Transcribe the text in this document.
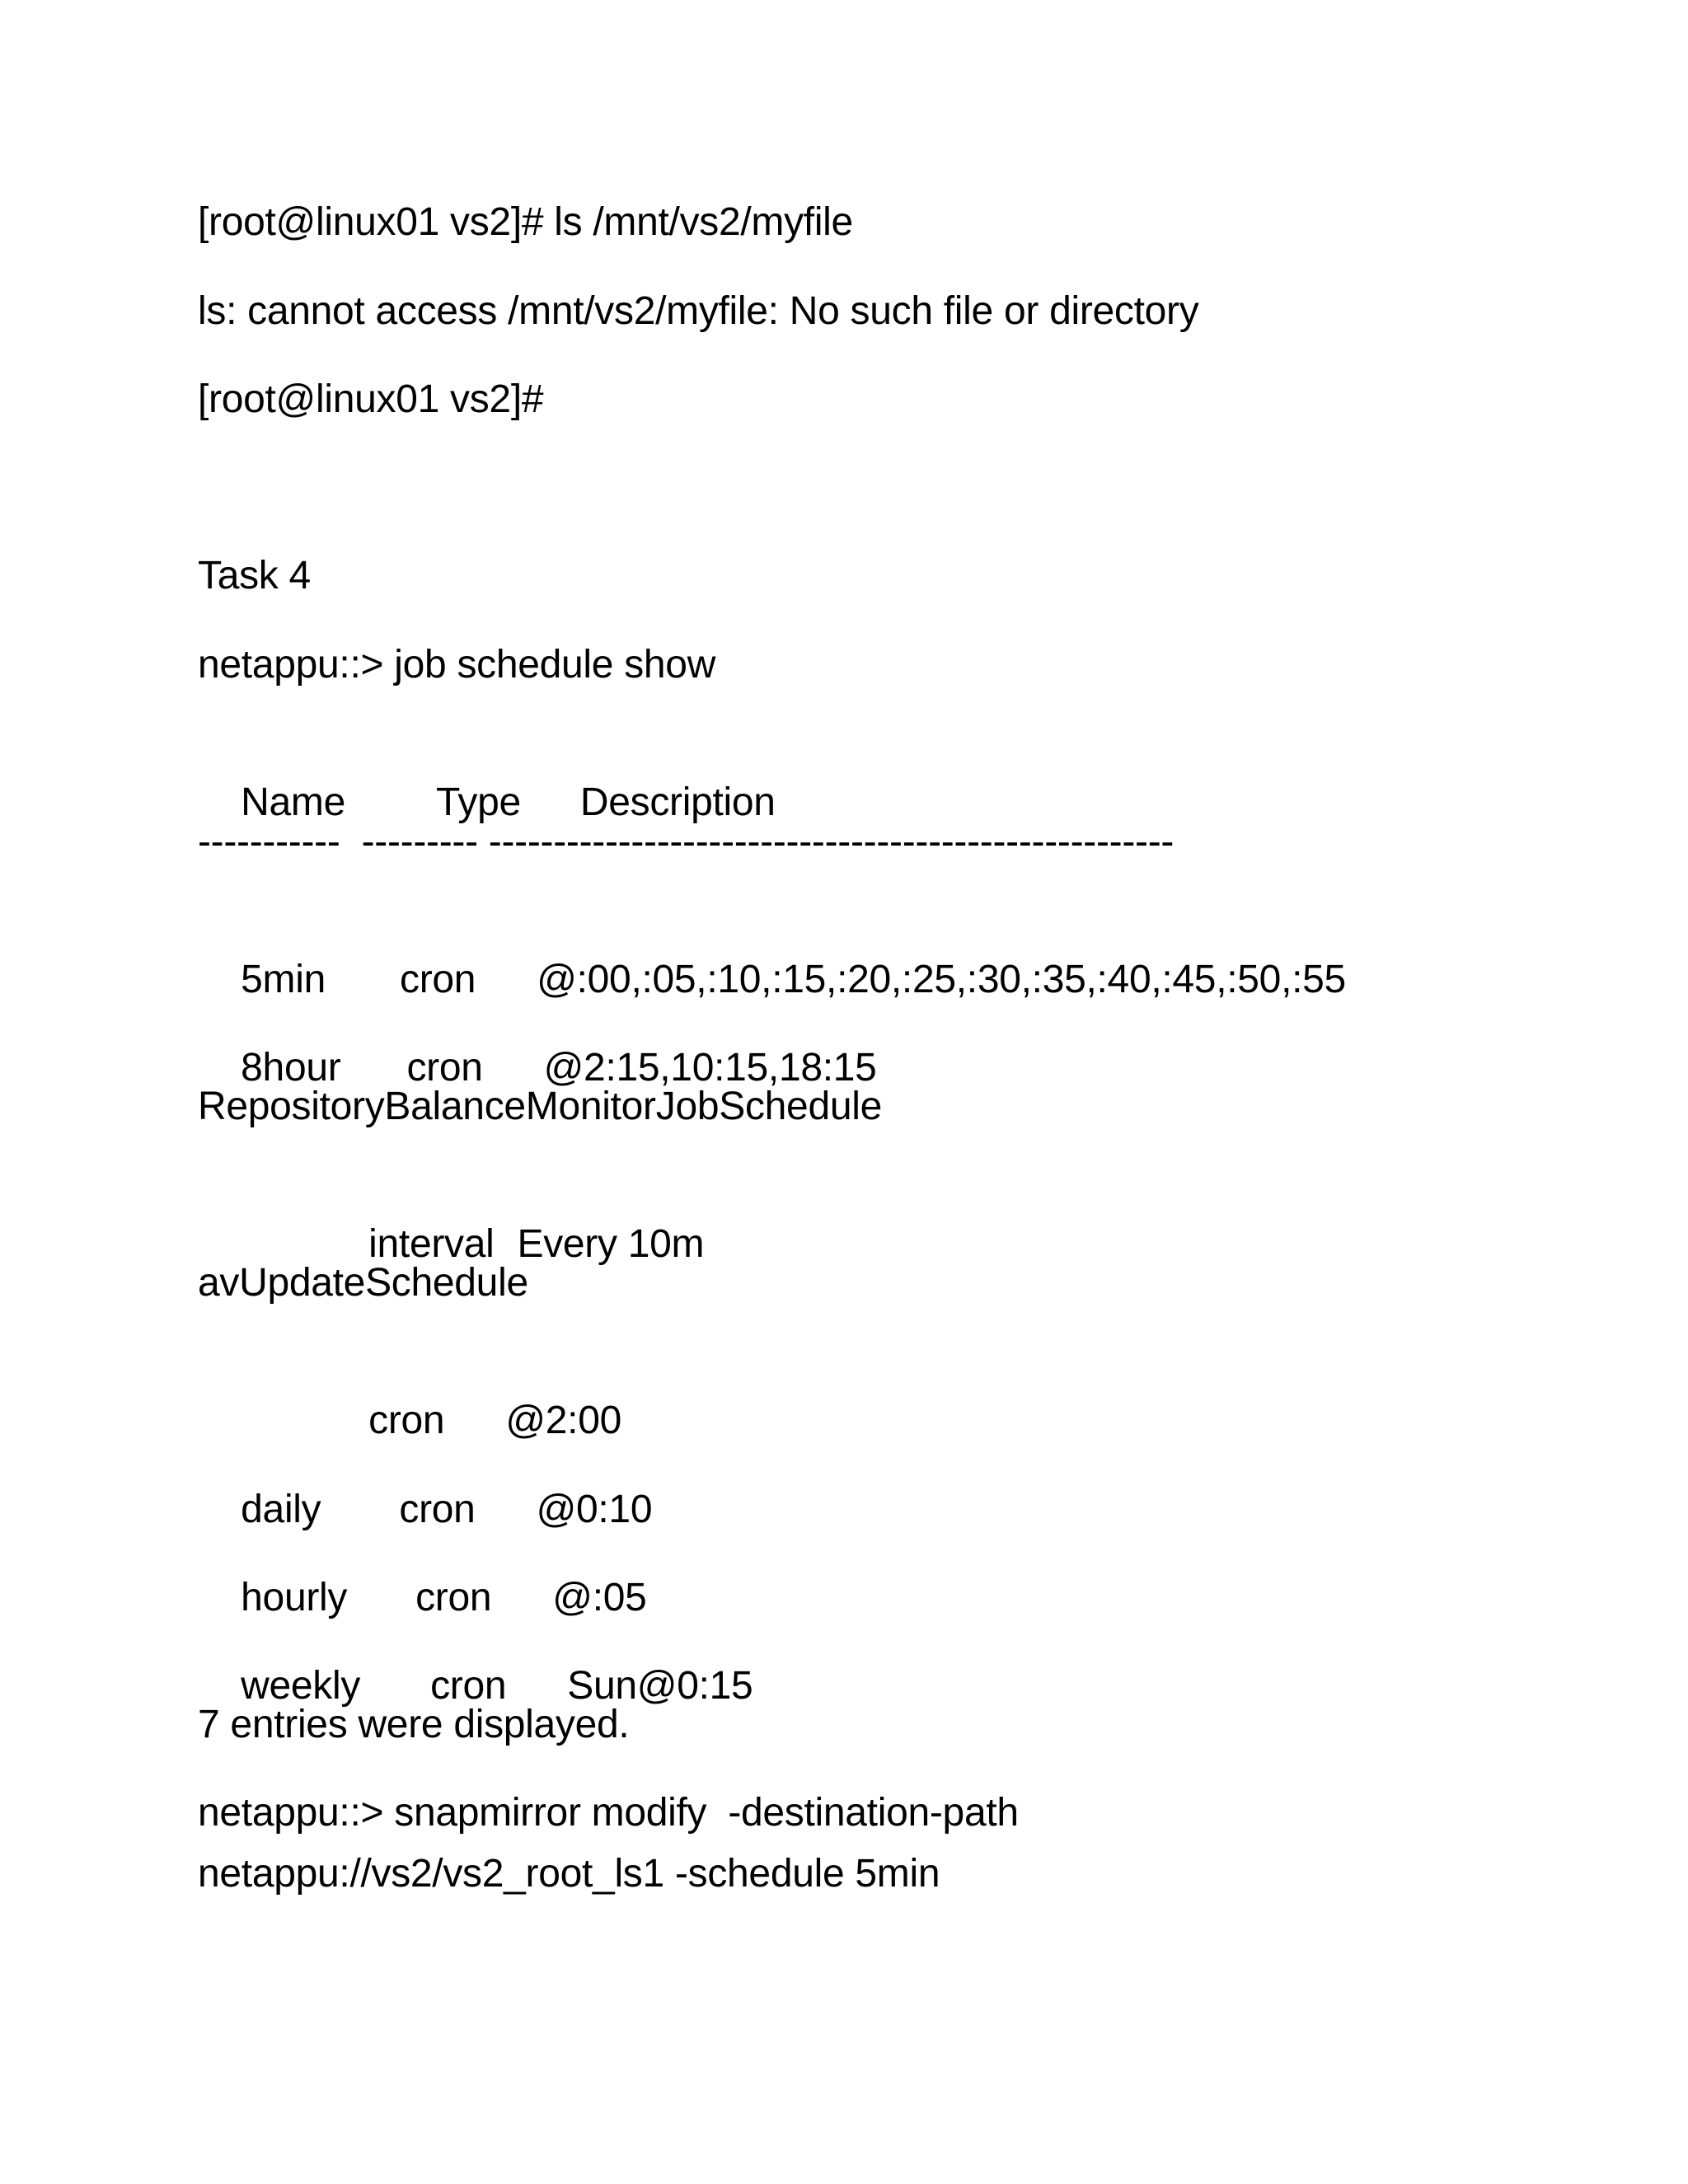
[root@linux01 vs2]# ls /mnt/vs2/myfile
ls: cannot access /mnt/vs2/myfile: No such file or directory
[root@linux01 vs2]#
Task 4
netappu::> job schedule show

Name Type Description

-----------  --------- -----------------------------------------------------

5min cron @:00,:05,:10,:15,:20,:25,:30,:35,:40,:45,:50,:55

8hour cron @2:15,10:15,18:15

RepositoryBalanceMonitorJobSchedule

interval Every 10m

avUpdateSchedule

cron @2:00

daily cron @0:10

hourly cron @:05

weekly cron Sun@0:15

7 entries were displayed.
netappu::> snapmirror modify  -destination-path
netappu://vs2/vs2_root_ls1 -schedule 5min
